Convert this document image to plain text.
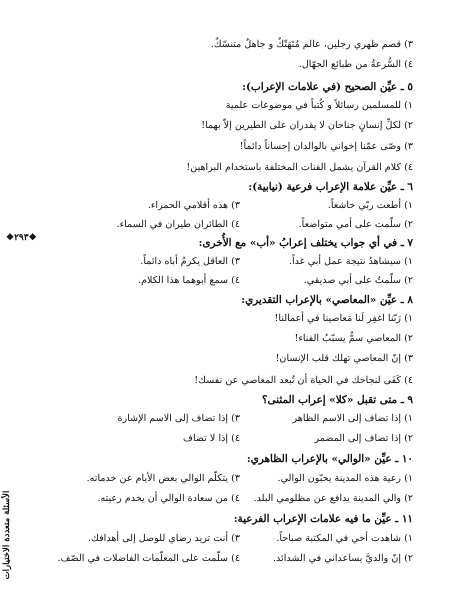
٣) قصم ظهري رجلين، عالم مُتَهَتّكٌ و جاهلٌ متنسّكٌ.
٤) السُّرعةُ من طبائع الجهّال.
٥ ـ عيِّن الصحيح (في علامات الإعراب):
١) للمسلمين رسائلاً و كُتباً في موضوعات علمية
٢) لكلِّ إنسانٍ جناحان لا يقدران على الطيرين إلاّ بهما!
٣) وصّى عمّنا إخواني بالوالدان إحساناً دائماً!
٤) كلام القرآن يشمل الفنات المختلفة باستخدام البراهين!
٦ ـ عيِّن علامة الإعراب فرعية (نيابية):
١) أطعت ربّي خاشعاً.
٣) هذه أقلامي الحمراء.
٢) سلّمت على أمي متواضعاً.
٤) الطائران طيران في السماء.
٧ ـ في أي جواب يختلف إعرابُ «أب» مع الأُخرى:
١) سيشاهدُ نتيجة عمل أبي غداً.
٣) العاقل يكرمُ أباه دائماً.
٢) سلّمتُ على أبي صديقي.
٤) سمع أبوهما هذا الكلام.
٨ ـ عيِّن «المعاصي» بالإعراب التقديري:
١) رَبّنا اغفِر لَنا مَعاصينا في أعمالنا!
٢) المعاصي سمٌّ يسبّبُ الفناء!
٣) إنّ المعاصي تهلك قلب الإنسان!
٤) كَفَى لنجاحك في الحياة أن تُبعد المعاصي عن نفسك!
٩ ـ متى تقبل «كلا» إعراب المثنى؟
١) إذا تضاف إلى الاسم الظاهر
٣) إذا تضاف إلى الاسم الإشارة
٢) إذا تضاف إلى المضمر
٤) إذا لا تضاف
١٠ ـ عيِّن «الوالي» بالإعراب الظاهري:
١) رعية هذه المدينة يحبّون الوالي.
٣) يتكلّم الوالي بعض الأيام عن خدماته.
٢) والي المدينة يدافع عن مظلومي البلد.
٤) من سعادة الوالي أن يخدم رعيته.
١١ ـ عيِّن ما فيه علامات الإعراب الفرعية:
١) شاهدت أخي في المكتبة صباحاً.
٣) أنت تريد رضاي للوصل إلى أهدافك.
٢) إنّ والديَّ يساعداني في الشدائد.
٤) سلّمت على المعلّمات الفاضلات في الصّف.
❖٢٩٣❖
الأسئلة متعددة الاختيارات
